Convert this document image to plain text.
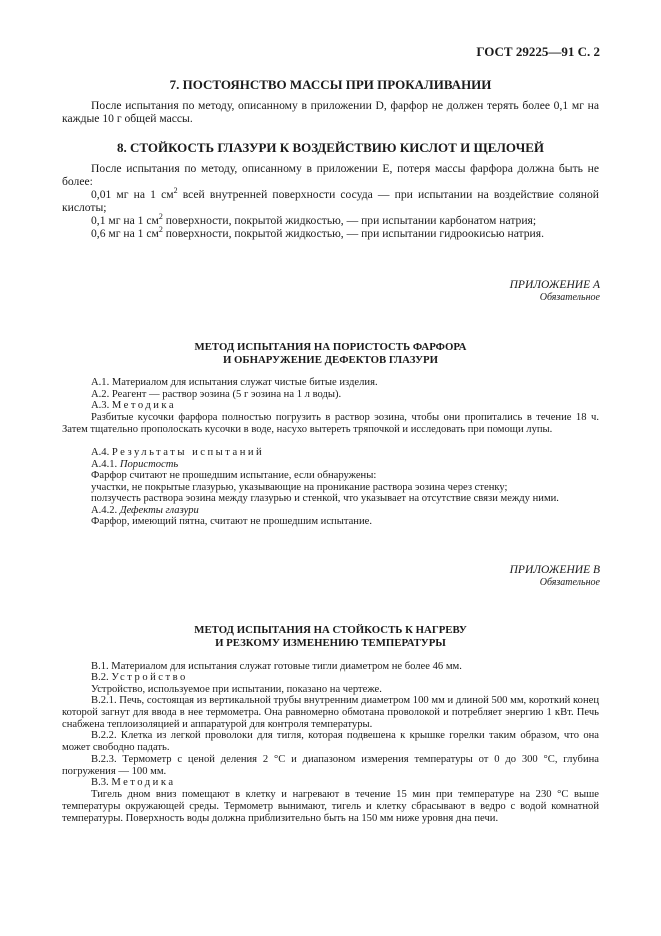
ГОСТ 29225—91 С. 2
7. ПОСТОЯНСТВО МАССЫ ПРИ ПРОКАЛИВАНИИ
После испытания по методу, описанному в приложении D, фарфор не должен терять более 0,1 мг на каждые 10 г общей массы.
8. СТОЙКОСТЬ ГЛАЗУРИ К ВОЗДЕЙСТВИЮ КИСЛОТ И ЩЕЛОЧЕЙ
После испытания по методу, описанному в приложении E, потеря массы фарфора должна быть не более:
0,01 мг на 1 $см^2$ всей внутренней поверхности сосуда — при испытании на воздействие соляной кислоты;
0,1 мг на 1 $см^2$ поверхности, покрытой жидкостью, — при испытании карбонатом натрия;
0,6 мг на 1 $см^2$ поверхности, покрытой жидкостью, — при испытании гидроокисью натрия.
ПРИЛОЖЕНИЕ А
Обязательное
МЕТОД ИСПЫТАНИЯ НА ПОРИСТОСТЬ ФАРФОРА
И ОБНАРУЖЕНИЕ ДЕФЕКТОВ ГЛАЗУРИ
А.1. Материалом для испытания служат чистые битые изделия.
А.2. Реагент — раствор эозина (5 г эозина на 1 л воды).
А.3. Методика
Разбитые кусочки фарфора полностью погрузить в раствор эозина, чтобы они пропитались в течение 18 ч. Затем тщательно прополоскать кусочки в воде, насухо вытереть тряпочкой и исследовать при помощи лупы.
А.4. Результаты испытаний
А.4.1. Пористость
Фарфор считают не прошедшим испытание, если обнаружены:
участки, не покрытые глазурью, указывающие на проникание раствора эозина через стенку;
ползучесть раствора эозина между глазурью и стенкой, что указывает на отсутствие связи между ними.
А.4.2. Дефекты глазури
Фарфор, имеющий пятна, считают не прошедшим испытание.
ПРИЛОЖЕНИЕ В
Обязательное
МЕТОД ИСПЫТАНИЯ НА СТОЙКОСТЬ К НАГРЕВУ
И РЕЗКОМУ ИЗМЕНЕНИЮ ТЕМПЕРАТУРЫ
В.1. Материалом для испытания служат готовые тигли диаметром не более 46 мм.
В.2. Устройство
Устройство, используемое при испытании, показано на чертеже.
В.2.1. Печь, состоящая из вертикальной трубы внутренним диаметром 100 мм и длиной 500 мм, короткий конец которой загнут для ввода в нее термометра. Она равномерно обмотана проволокой и потребляет энергию 1 кВт. Печь снабжена теплоизоляцией и аппаратурой для контроля температуры.
В.2.2. Клетка из легкой проволоки для тигля, которая подвешена к крышке горелки таким образом, что она может свободно падать.
В.2.3. Термометр с ценой деления 2 °С и диапазоном измерения температуры от 0 до 300 °С, глубина погружения — 100 мм.
В.3. Методика
Тигель дном вниз помещают в клетку и нагревают в течение 15 мин при температуре на 230 °С выше температуры окружающей среды. Термометр вынимают, тигель и клетку сбрасывают в ведро с водой комнатной температуры. Поверхность воды должна приблизительно быть на 150 мм ниже уровня дна печи.
